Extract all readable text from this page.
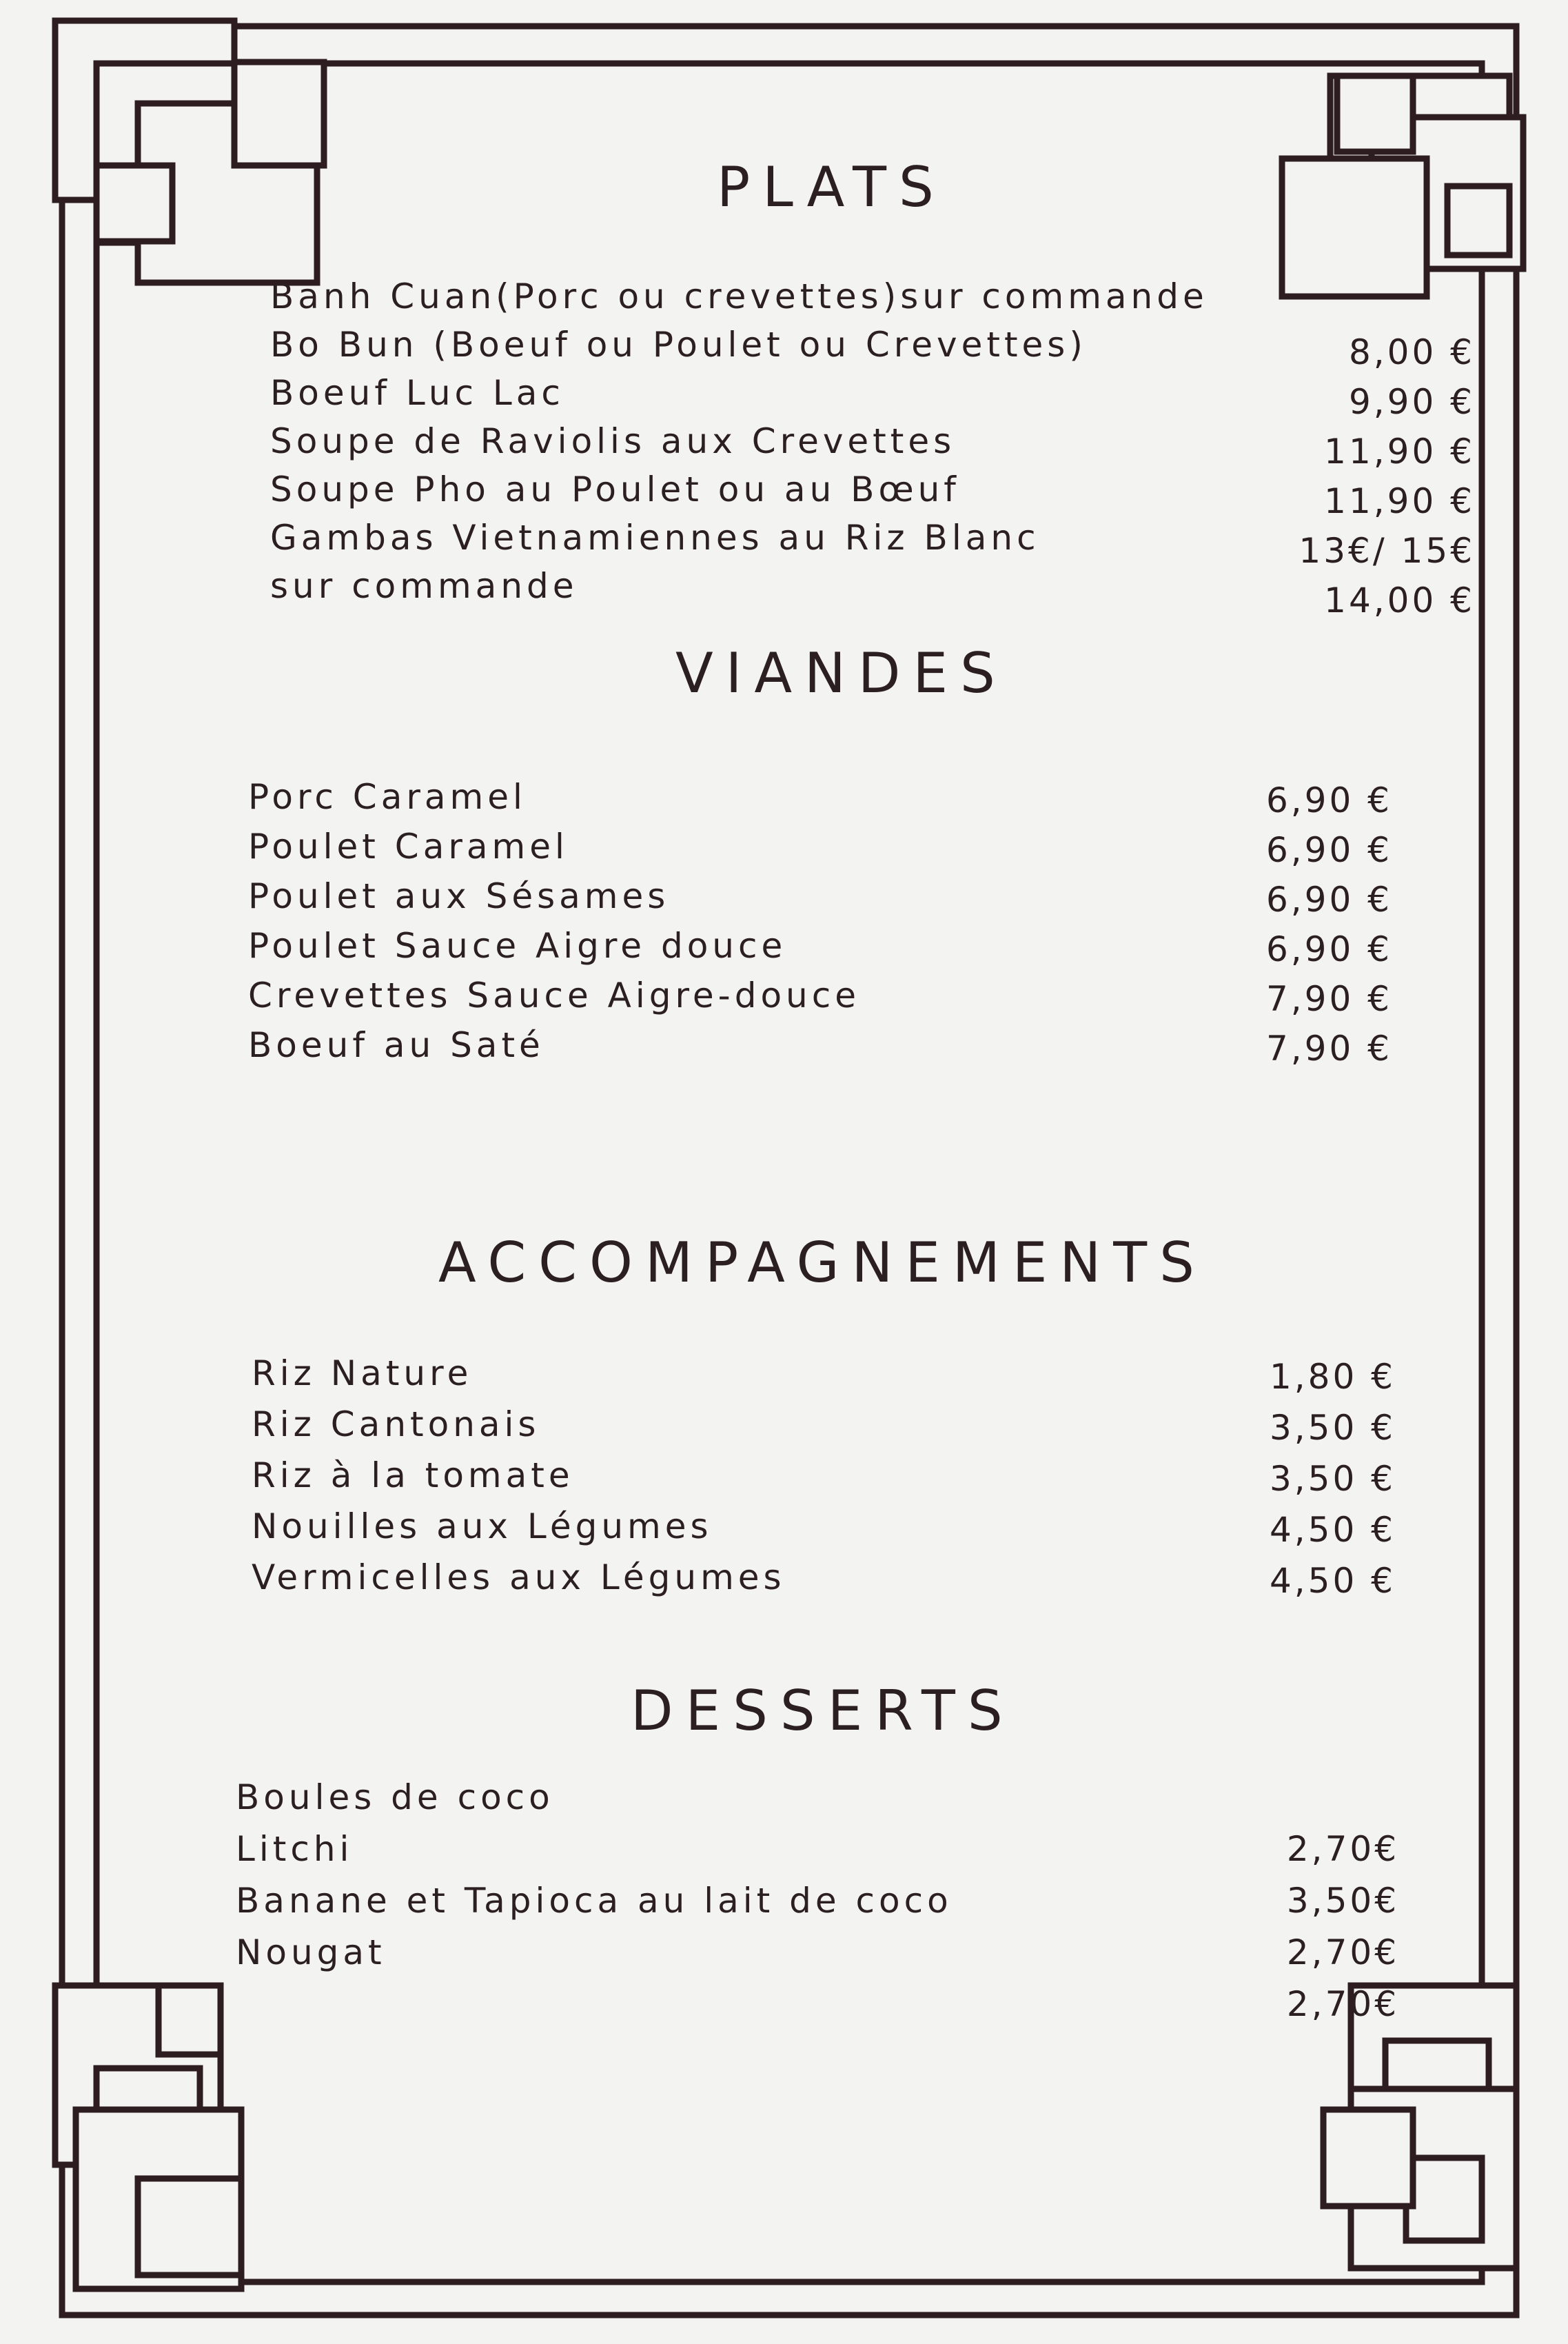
PLATS
Banh Cuan(Porc ou crevettes)sur commande
Bo Bun (Boeuf ou Poulet ou Crevettes)
Boeuf Luc Lac
Soupe de Raviolis aux Crevettes
Soupe Pho au Poulet ou au Bœuf
Gambas Vietnamiennes au Riz Blanc
sur commande
8,00 €
9,90 €
11,90 €
11,90 €
13€/ 15€
14,00 €
VIANDES
Porc Caramel
Poulet Caramel
Poulet aux Sésames
Poulet Sauce Aigre douce
Crevettes Sauce Aigre-douce
Boeuf au Saté
6,90 €
6,90 €
6,90 €
6,90 €
7,90 €
7,90 €
ACCOMPAGNEMENTS
Riz Nature
Riz Cantonais
Riz à la tomate
Nouilles aux Légumes
Vermicelles aux Légumes
1,80 €
3,50 €
3,50 €
4,50 €
4,50 €
DESSERTS
Boules de coco
Litchi
Banane et Tapioca au lait de coco
Nougat
2,70€
3,50€
2,70€
2,70€
